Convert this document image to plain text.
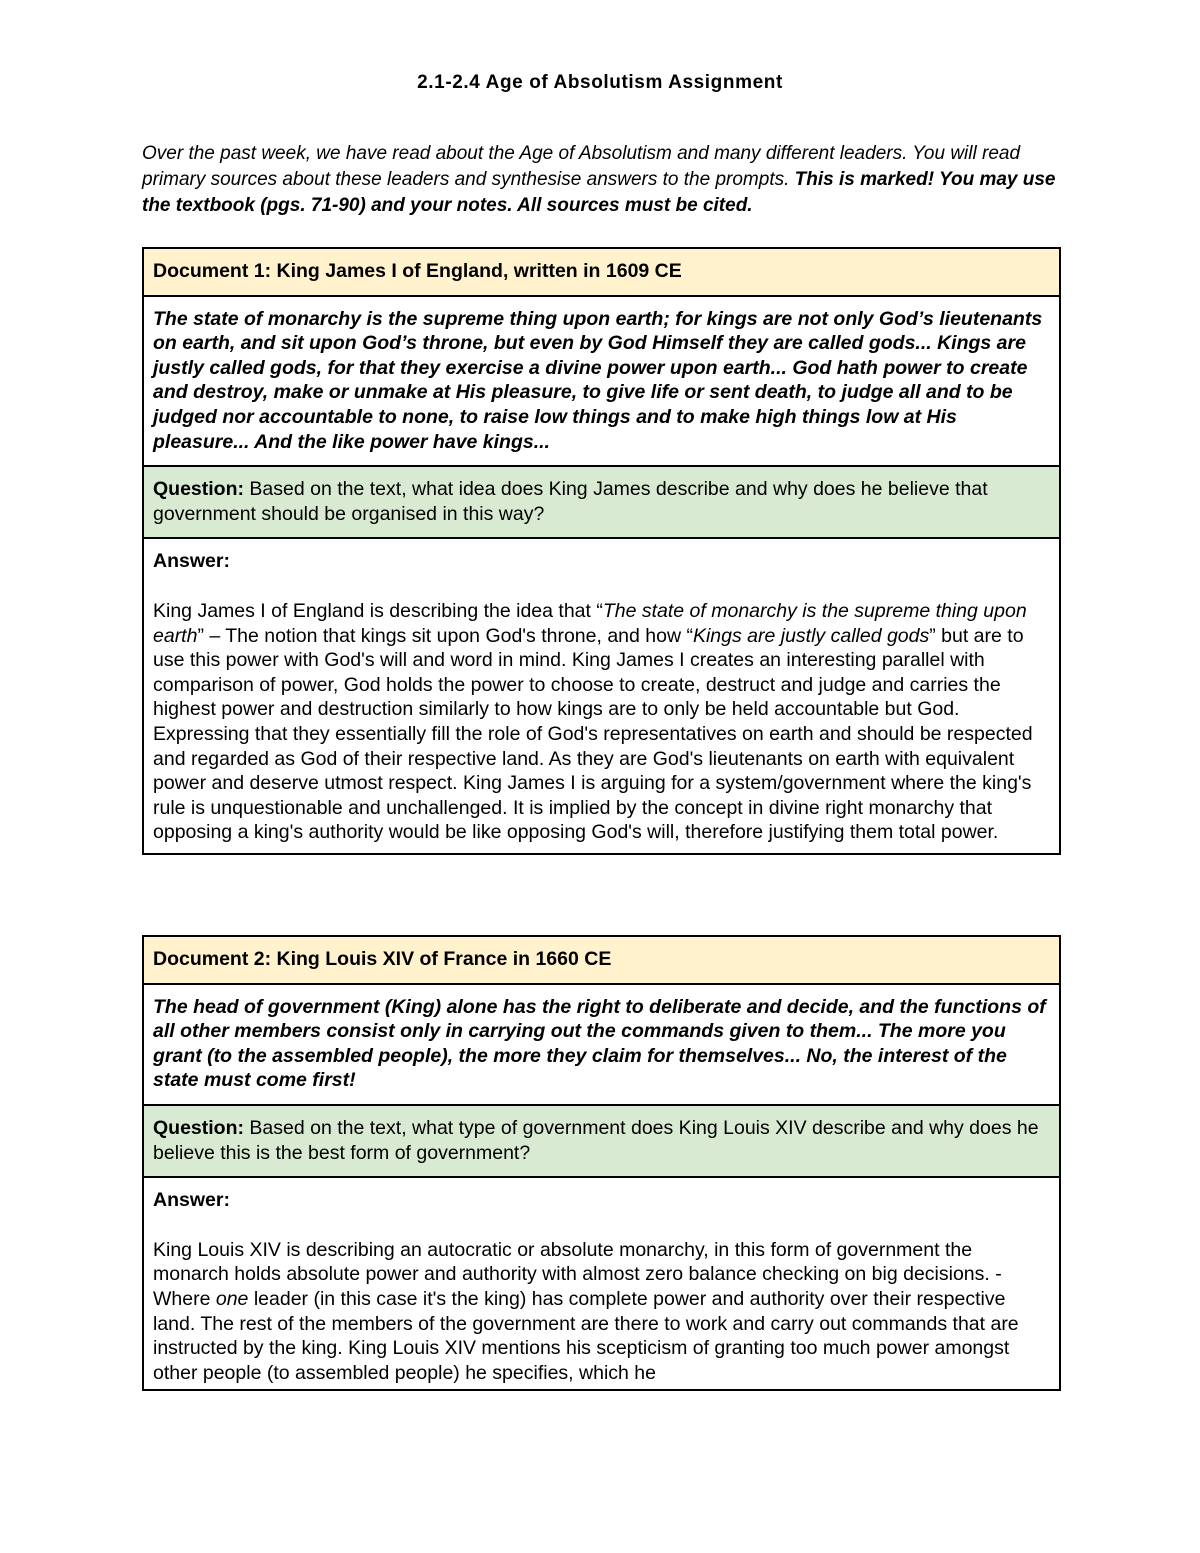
2.1-2.4 Age of Absolutism Assignment

Over the past week, we have read about the Age of Absolutism and many different leaders. You will read primary sources about these leaders and synthesise answers to the prompts. This is marked! You may use the textbook (pgs. 71-90) and your notes. All sources must be cited.

Document 1: King James I of England, written in 1609 CE
The state of monarchy is the supreme thing upon earth; for kings are not only God’s lieutenants on earth, and sit upon God’s throne, but even by God Himself they are called gods... Kings are justly called gods, for that they exercise a divine power upon earth... God hath power to create and destroy, make or unmake at His pleasure, to give life or sent death, to judge all and to be judged nor accountable to none, to raise low things and to make high things low at His pleasure... And the like power have kings...
Question: Based on the text, what idea does King James describe and why does he believe that government should be organised in this way?

Answer:
King James I of England is describing the idea that “The state of monarchy is the supreme thing upon earth” – The notion that kings sit upon God's throne, and how “Kings are justly called gods” but are to use this power with God's will and word in mind. King James I creates an interesting parallel with comparison of power, God holds the power to choose to create, destruct and judge and carries the highest power and destruction similarly to how kings are to only be held accountable but God. Expressing that they essentially fill the role of God's representatives on earth and should be respected and regarded as God of their respective land. As they are God's lieutenants on earth with equivalent power and deserve utmost respect. King James I is arguing for a system/government where the king's rule is unquestionable and unchallenged. It is implied by the concept in divine right monarchy that opposing a king's authority would be like opposing God's will, therefore justifying them total power.
Document 2: King Louis XIV of France in 1660 CE
The head of government (King) alone has the right to deliberate and decide, and the functions of all other members consist only in carrying out the commands given to them... The more you grant (to the assembled people), the more they claim for themselves... No, the interest of the state must come first!
Question: Based on the text, what type of government does King Louis XIV describe and why does he believe this is the best form of government?

Answer:
King Louis XIV is describing an autocratic or absolute monarchy, in this form of government the monarch holds absolute power and authority with almost zero balance checking on big decisions. - Where one leader (in this case it's the king) has complete power and authority over their respective land. The rest of the members of the government are there to work and carry out commands that are instructed by the king. King Louis XIV mentions his scepticism of granting too much power amongst other people (to assembled people) he specifies, which he
